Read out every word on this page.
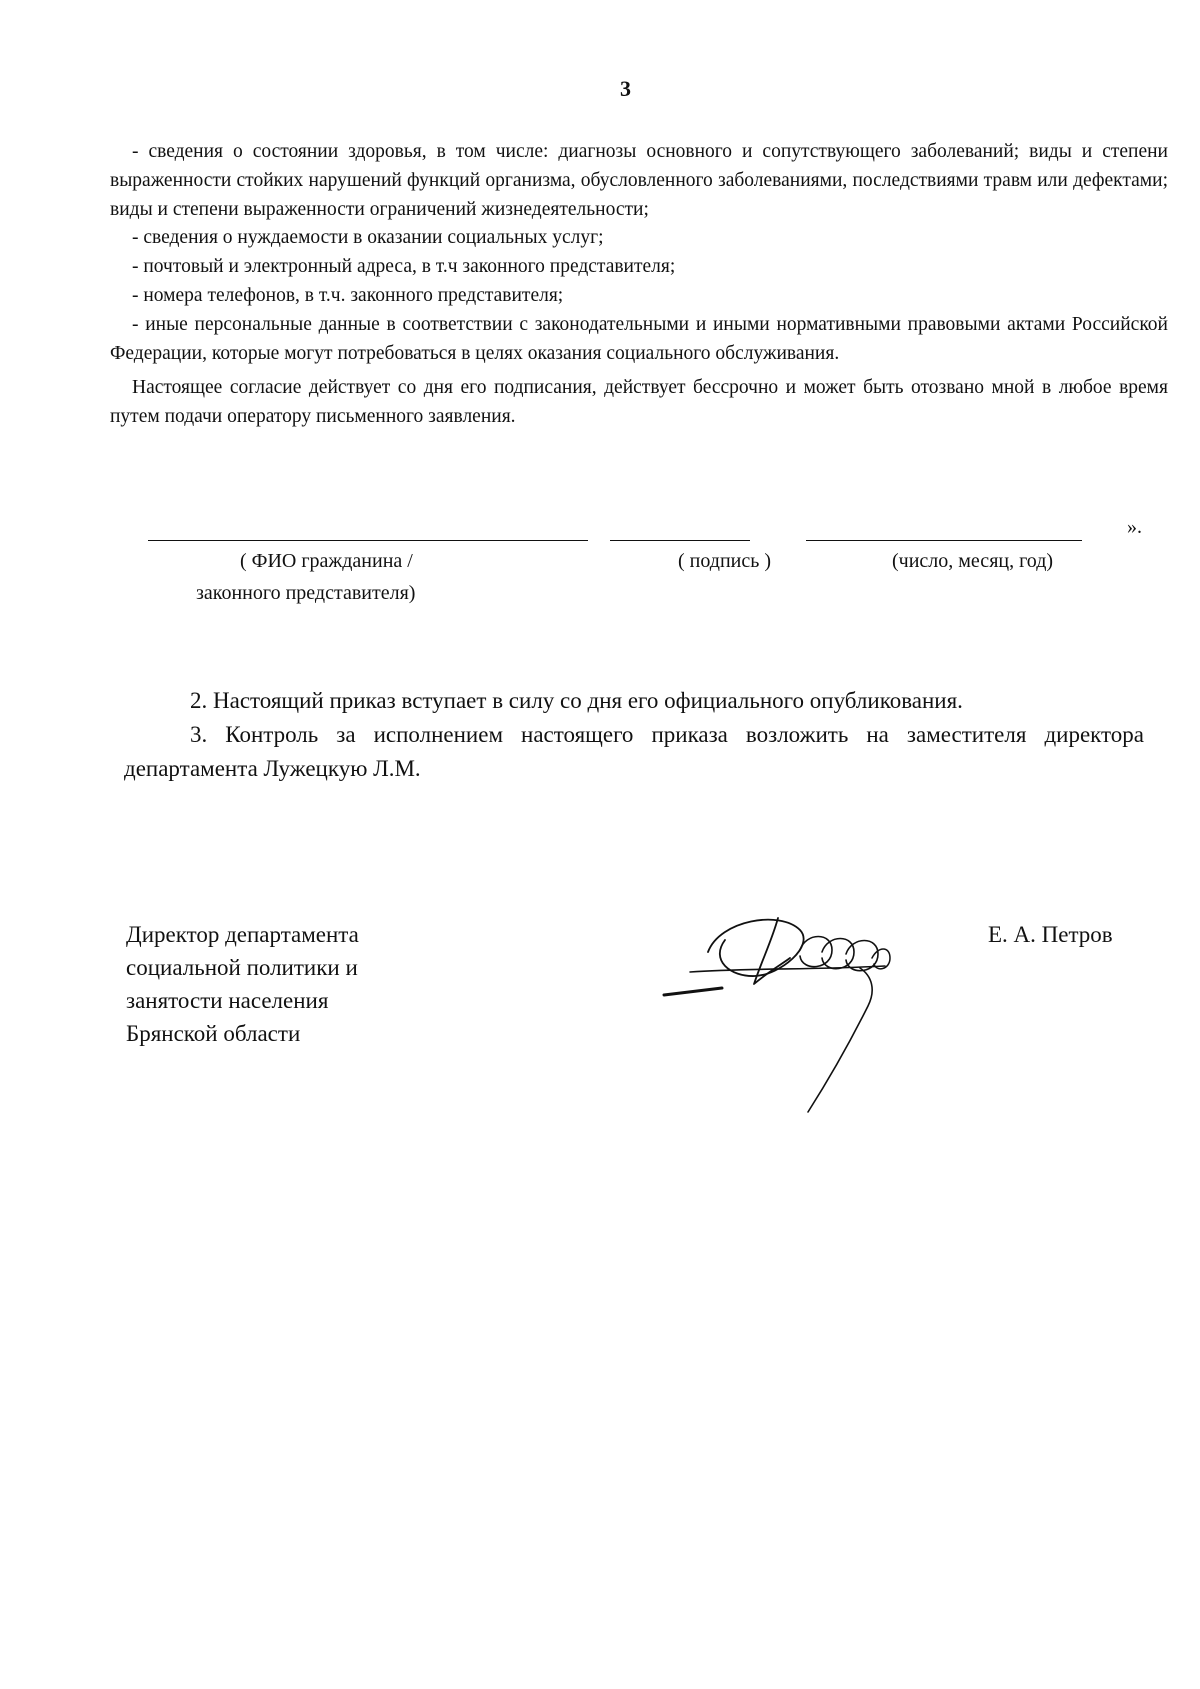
3

- сведения о состоянии здоровья, в том числе: диагнозы основного и сопутствующего заболеваний; виды и степени выраженности стойких нарушений функций организма, обусловленного заболеваниями, последствиями травм или дефектами; виды и степени выраженности ограничений жизнедеятельности;

- сведения о нуждаемости в оказании социальных услуг;

- почтовый и электронный адреса, в т.ч законного представителя;

- номера телефонов, в т.ч. законного представителя;

- иные персональные данные в соответствии с законодательными и иными нормативными правовыми актами Российской Федерации, которые могут потребоваться в целях оказания социального обслуживания.

Настоящее согласие действует со дня его подписания, действует бессрочно и может быть отозвано мной в любое время путем подачи оператору письменного заявления.

».
( ФИО гражданина /
законного представителя)
( подпись )	(число, месяц, год)

2. Настоящий приказ вступает в силу со дня его официального опубликования.

3. Контроль за исполнением настоящего приказа возложить на заместителя директора департамента Лужецкую Л.М.

Директор департамента
социальной политики и
занятости населения
Брянской области
Е. А. Петров
